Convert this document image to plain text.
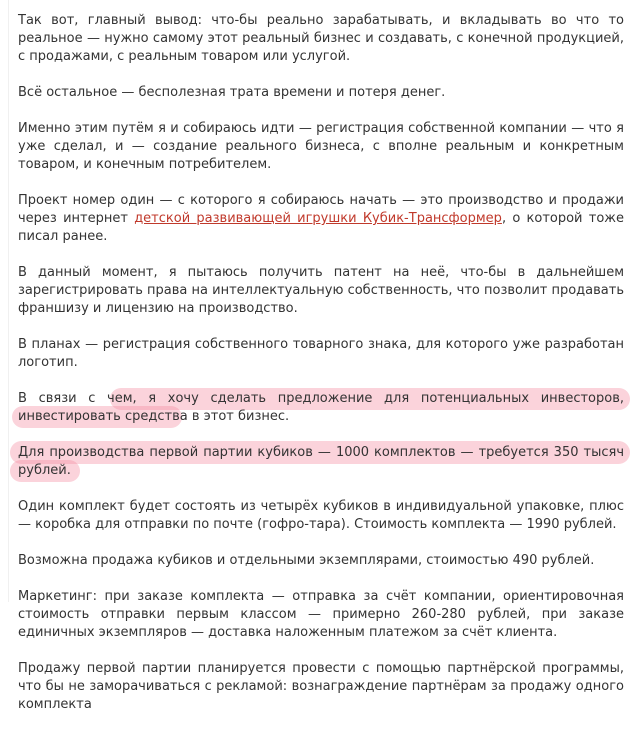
Так вот, главный вывод: что-бы реально зарабатывать, и вкладывать во что то реальное — нужно самому этот реальный бизнес и создавать, с конечной продукцией, с продажами, с реальным товаром или услугой.

Всё остальное — бесполезная трата времени и потеря денег.

Именно этим путём я и собираюсь идти — регистрация собственной компании — что я уже сделал, и — создание реального бизнеса, с вполне реальным и конкретным товаром, и конечным потребителем.

Проект номер один — с которого я собираюсь начать — это производство и продажи через интернет детской развивающей игрушки Кубик-Трансформер, о которой тоже писал ранее.

В данный момент, я пытаюсь получить патент на неё, что-бы в дальнейшем зарегистрировать права на интеллектуальную собственность, что позволит продавать франшизу и лицензию на производство.

В планах — регистрация собственного товарного знака, для которого уже разработан логотип.

В связи с чем, я хочу сделать предложение для потенциальных инвесторов, инвестировать средства в этот бизнес.

Для производства первой партии кубиков — 1000 комплектов — требуется 350 тысяч рублей.

Один комплект будет состоять из четырёх кубиков в индивидуальной упаковке, плюс — коробка для отправки по почте (гофро-тара). Стоимость комплекта — 1990 рублей.

Возможна продажа кубиков и отдельными экземплярами, стоимостью 490 рублей.

Маркетинг: при заказе комплекта — отправка за счёт компании, ориентировочная стоимость отправки первым классом — примерно 260-280 рублей, при заказе единичных экземпляров — доставка наложенным платежом за счёт клиента.

Продажу первой партии планируется провести с помощью партнёрской программы, что бы не заморачиваться с рекламой: вознаграждение партнёрам за продажу одного комплекта
